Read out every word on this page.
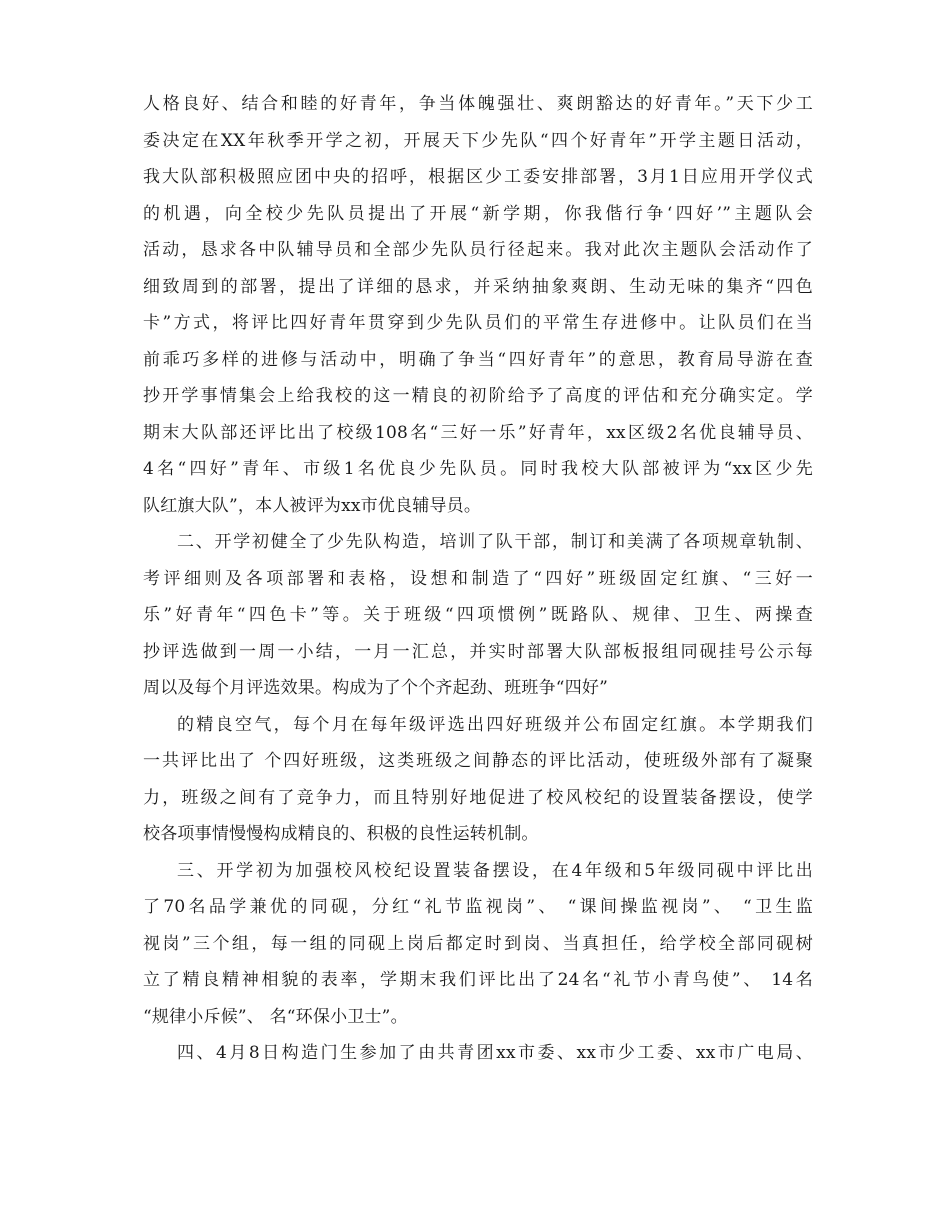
人格良好、结合和睦的好青年，争当体魄强壮、爽朗豁达的好青年。”天下少工
委决定在XX年秋季开学之初，开展天下少先队“四个好青年”开学主题日活动，
我大队部积极照应团中央的招呼，根据区少工委安排部署，3月1日应用开学仪式
的机遇，向全校少先队员提出了开展“新学期，你我偕行争‘四好’”主题队会
活动，恳求各中队辅导员和全部少先队员行径起来。我对此次主题队会活动作了
细致周到的部署，提出了详细的恳求，并采纳抽象爽朗、生动无味的集齐“四色
卡”方式，将评比四好青年贯穿到少先队员们的平常生存进修中。让队员们在当
前乖巧多样的进修与活动中，明确了争当“四好青年”的意思，教育局导游在查
抄开学事情集会上给我校的这一精良的初阶给予了高度的评估和充分确实定。学
期末大队部还评比出了校级108名“三好一乐”好青年，xx区级2名优良辅导员、
4名“四好”青年、市级1名优良少先队员。同时我校大队部被评为“xx区少先
队红旗大队”，本人被评为xx市优良辅导员。
二、开学初健全了少先队构造，培训了队干部，制订和美满了各项规章轨制、
考评细则及各项部署和表格，设想和制造了“四好”班级固定红旗、“三好一
乐”好青年“四色卡”等。关于班级“四项惯例”既路队、规律、卫生、两操查
抄评选做到一周一小结，一月一汇总，并实时部署大队部板报组同砚挂号公示每
周以及每个月评选效果。构成为了个个齐起劲、班班争“四好”
的精良空气，每个月在每年级评选出四好班级并公布固定红旗。本学期我们
一共评比出了 个四好班级，这类班级之间静态的评比活动，使班级外部有了凝聚
力，班级之间有了竞争力，而且特别好地促进了校风校纪的设置装备摆设，使学
校各项事情慢慢构成精良的、积极的良性运转机制。
三、开学初为加强校风校纪设置装备摆设，在4年级和5年级同砚中评比出
了70名品学兼优的同砚，分红“礼节监视岗”、 “课间操监视岗”、 “卫生监
视岗”三个组，每一组的同砚上岗后都定时到岗、当真担任，给学校全部同砚树
立了精良精神相貌的表率，学期末我们评比出了24名“礼节小青鸟使”、 14名
“规律小斥候”、 名“环保小卫士”。
四、4月8日构造门生参加了由共青团xx市委、xx市少工委、xx市广电局、
